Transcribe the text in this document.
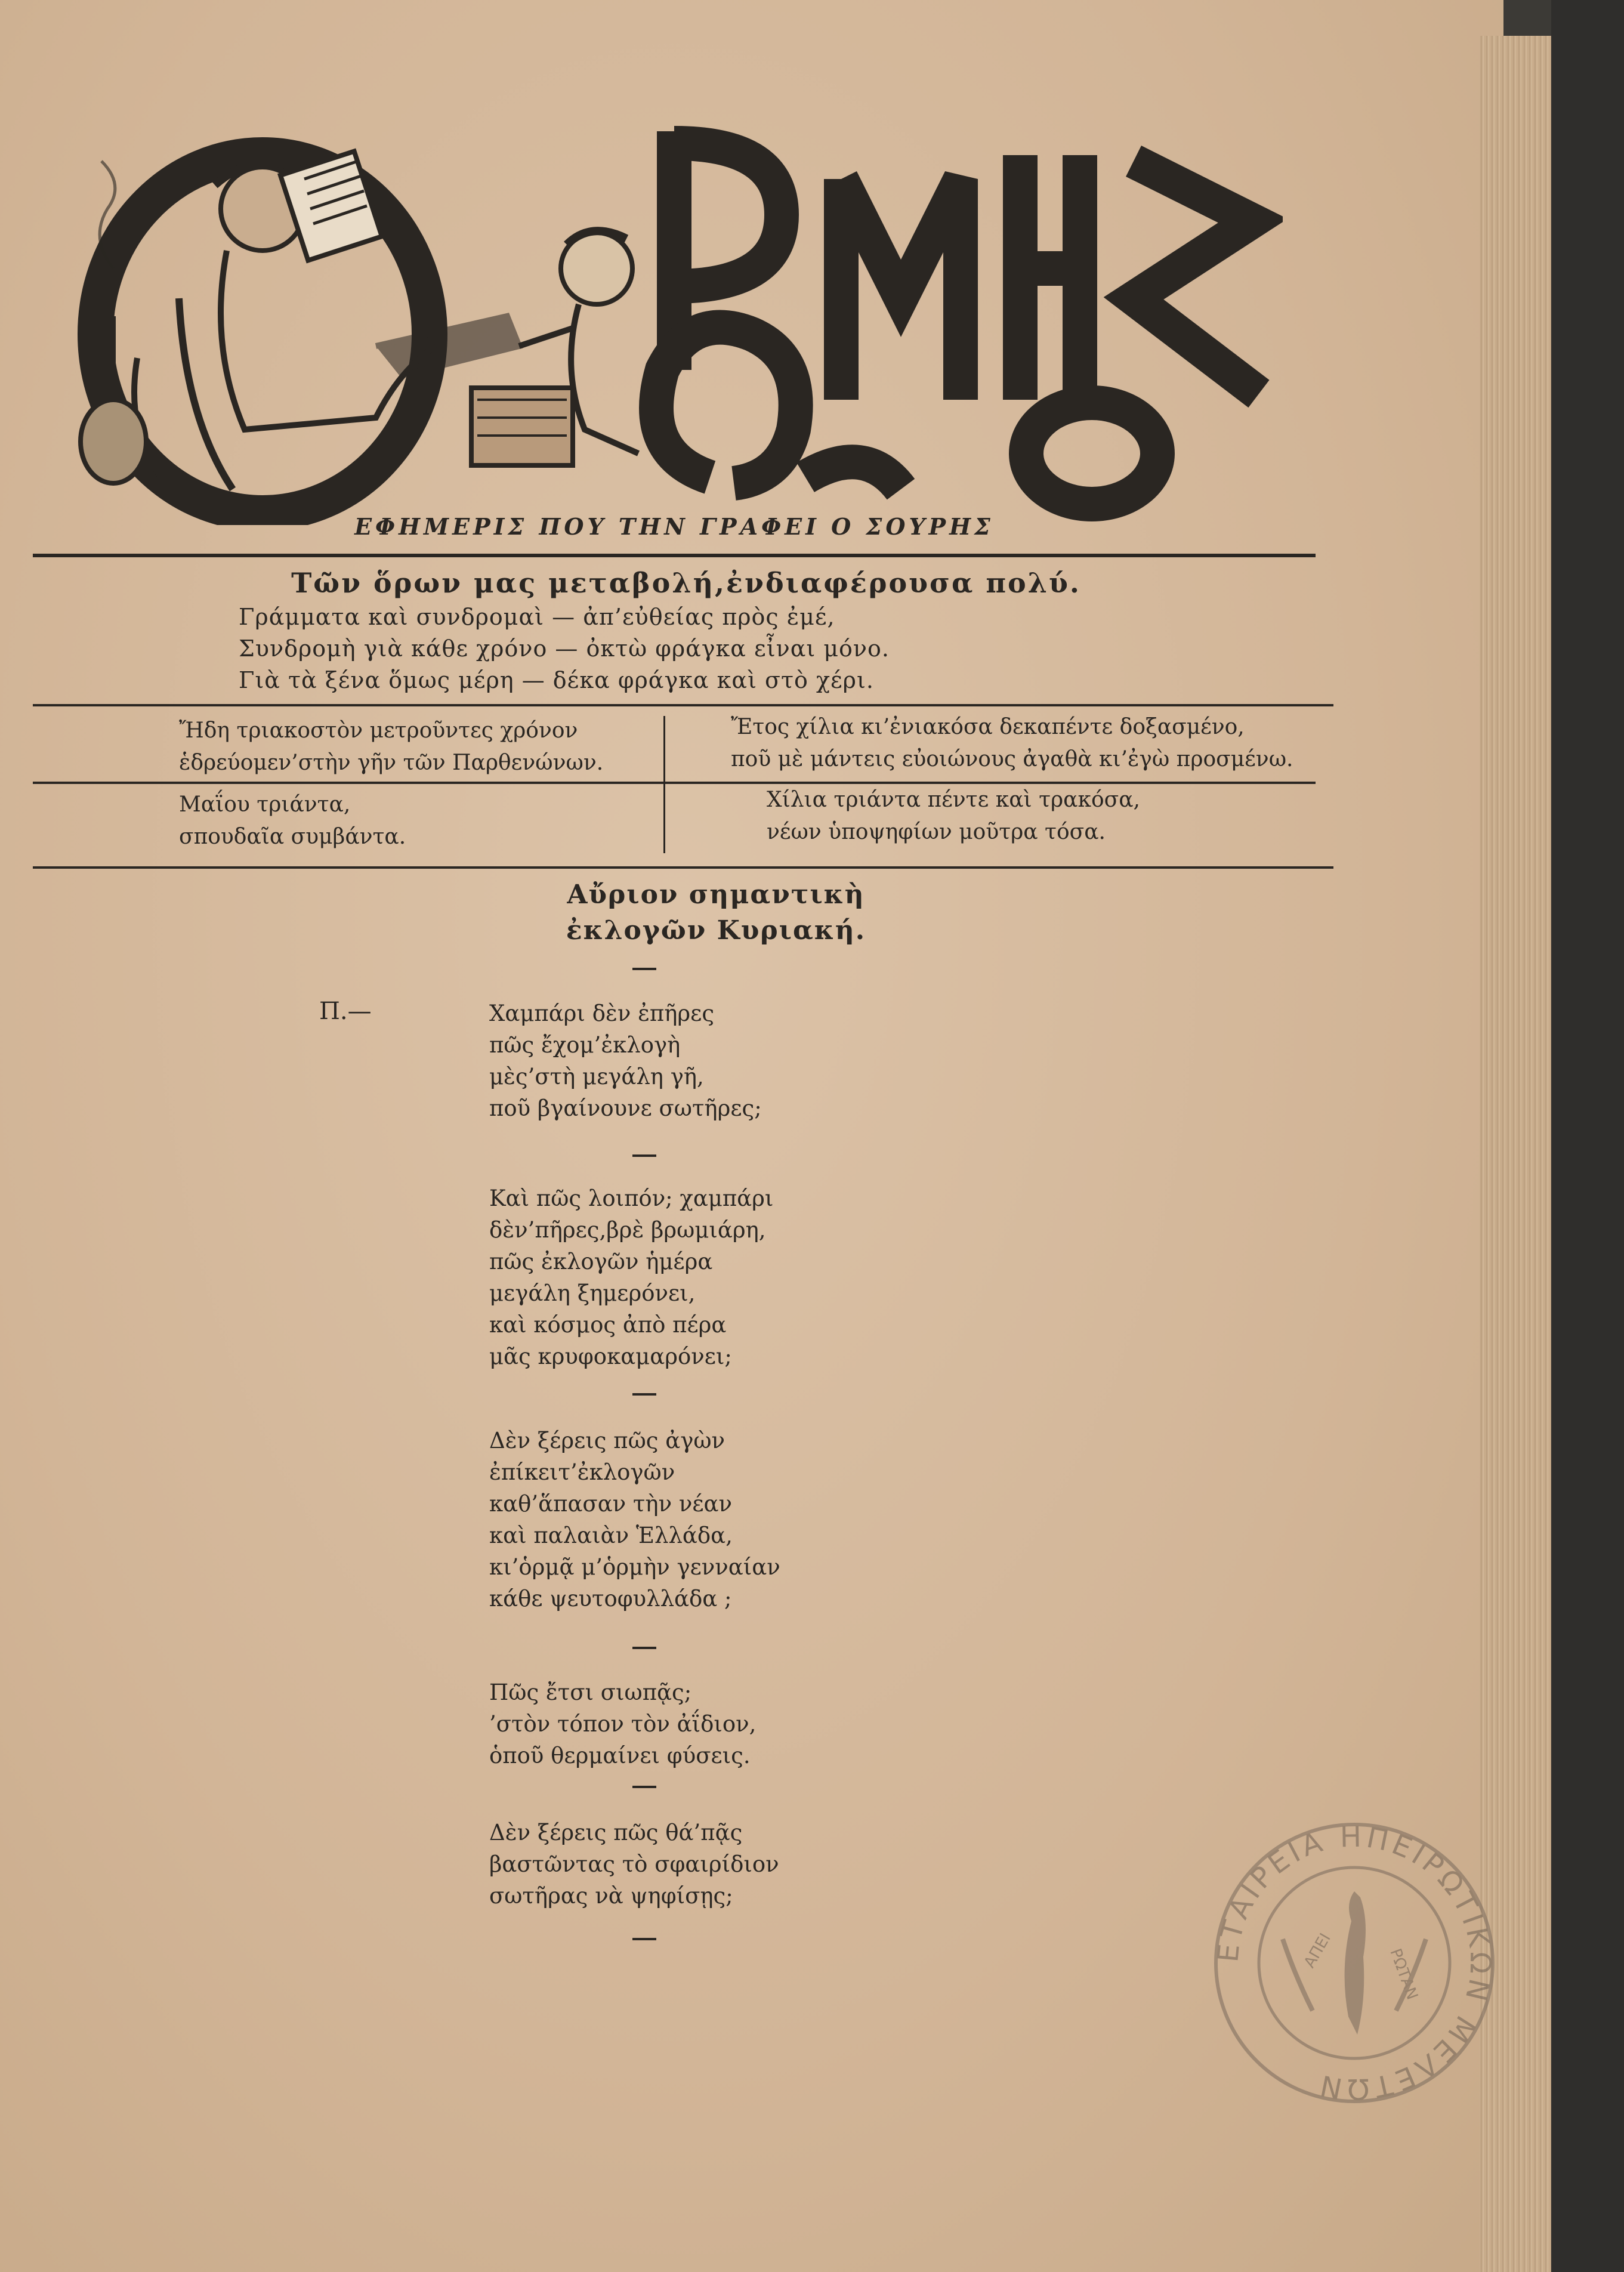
ΕΦΗΜΕΡΙΣ ΠΟΥ ΤΗΝ ΓΡΑΦΕΙ Ο ΣΟΥΡΗΣ
Τῶν ὅρων μας μεταβολή,ἐνδιαφέρουσα πολύ.
Γράμματα καὶ συνδρομαὶ — ἀπ’εὐθείας πρὸς ἐμέ,
Συνδρομὴ γιὰ κάθε χρόνο — ὀκτὼ φράγκα εἶναι μόνο.
Γιὰ τὰ ξένα ὅμως μέρη — δέκα φράγκα καὶ στὸ χέρι.
Ἤδη τριακοστὸν μετροῦντες χρόνον
ἑδρεύομεν’στὴν γῆν τῶν Παρθενώνων.
Ἔτος χίλια κι’ἐνιακόσα δεκαπέντε δοξασμένο,
ποῦ μὲ μάντεις εὐοιώνους ἀγαθὰ κι’ἐγὼ προσμένω.
Μαΐου τριάντα,
σπουδαῖα συμβάντα.
Χίλια τριάντα πέντε καὶ τρακόσα,
νέων ὑποψηφίων μοῦτρα τόσα.
Αὔριον σημαντικὴ
ἐκλογῶν Κυριακή.
Π.—	Χαμπάρι δὲν ἐπῆρες
πῶς ἔχομ’ἐκλογὴ
μὲς’στὴ μεγάλη γῆ,
ποῦ βγαίνουνε σωτῆρες;
Καὶ πῶς λοιπόν; χαμπάρι
δὲν’πῆρες,βρὲ βρωμιάρη,
πῶς ἐκλογῶν ἡμέρα
μεγάλη ξημερόνει,
καὶ κόσμος ἀπὸ πέρα
μᾶς κρυφοκαμαρόνει;
Δὲν ξέρεις πῶς ἀγὼν
ἐπίκειτ’ἐκλογῶν
καθ’ἅπασαν τὴν νέαν
καὶ παλαιὰν Ἑλλάδα,
κι’ὁρμᾷ μ’ὁρμὴν γενναίαν
κάθε ψευτοφυλλάδα ;
Πῶς ἔτσι σιωπᾷς;
’στὸν τόπον τὸν ἀΐδιον,
ὁποῦ θερμαίνει φύσεις.
Δὲν ξέρεις πῶς θά’πᾷς
βαστῶντας τὸ σφαιρίδιον
σωτῆρας νὰ ψηφίσῃς;
ΕΤΑΙΡΕΙΑ ΗΠΕΙΡΩΤΙΚΩΝ ΜΕΛΕΤΩΝ
ΑΠΕΙ	ΡΩΤΑΝ
